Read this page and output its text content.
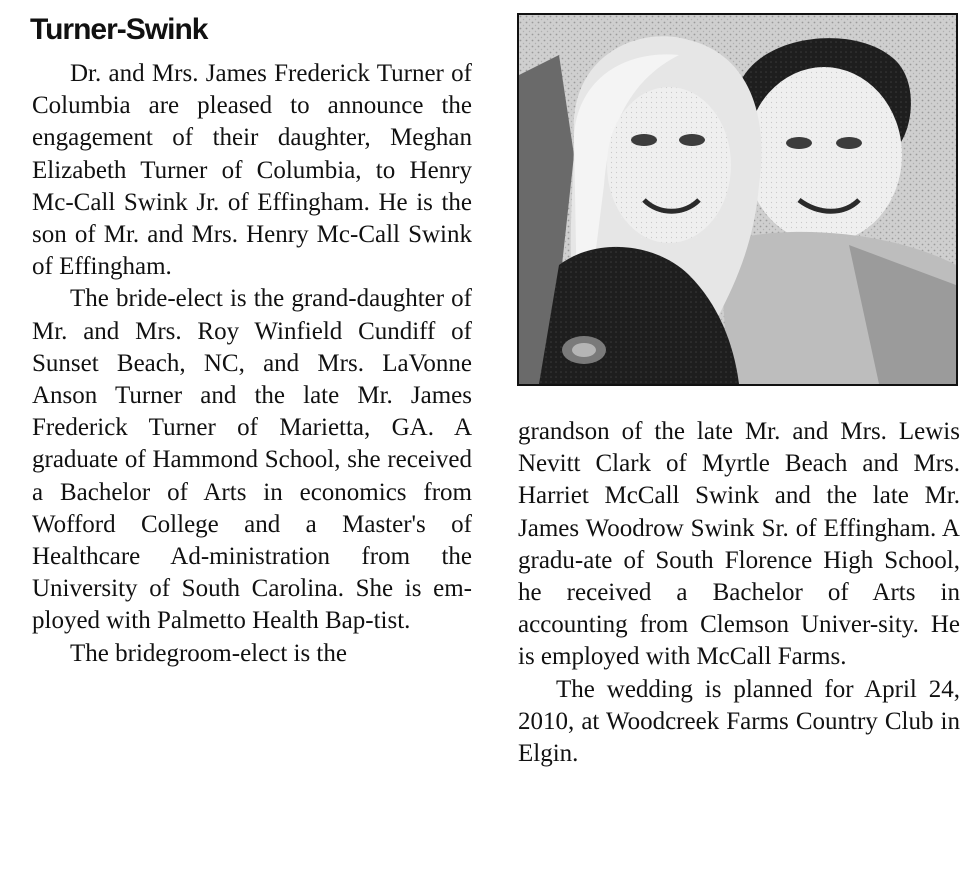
Turner-Swink

Dr. and Mrs. James Frederick Turner of Columbia are pleased to announce the engagement of their daughter, Meghan Elizabeth Turner of Columbia, to Henry Mc-Call Swink Jr. of Effingham. He is the son of Mr. and Mrs. Henry Mc-Call Swink of Effingham.

The bride-elect is the grand-daughter of Mr. and Mrs. Roy Winfield Cundiff of Sunset Beach, NC, and Mrs. LaVonne Anson Turner and the late Mr. James Frederick Turner of Marietta, GA. A graduate of Hammond School, she received a Bachelor of Arts in economics from Wofford College and a Master's of Healthcare Ad-ministration from the University of South Carolina. She is em-ployed with Palmetto Health Bap-tist.

The bridegroom-elect is the

grandson of the late Mr. and Mrs. Lewis Nevitt Clark of Myrtle Beach and Mrs. Harriet McCall Swink and the late Mr. James Woodrow Swink Sr. of Effingham. A gradu-ate of South Florence High School, he received a Bachelor of Arts in accounting from Clemson Univer-sity. He is employed with McCall Farms.

The wedding is planned for April 24, 2010, at Woodcreek Farms Country Club in Elgin.
